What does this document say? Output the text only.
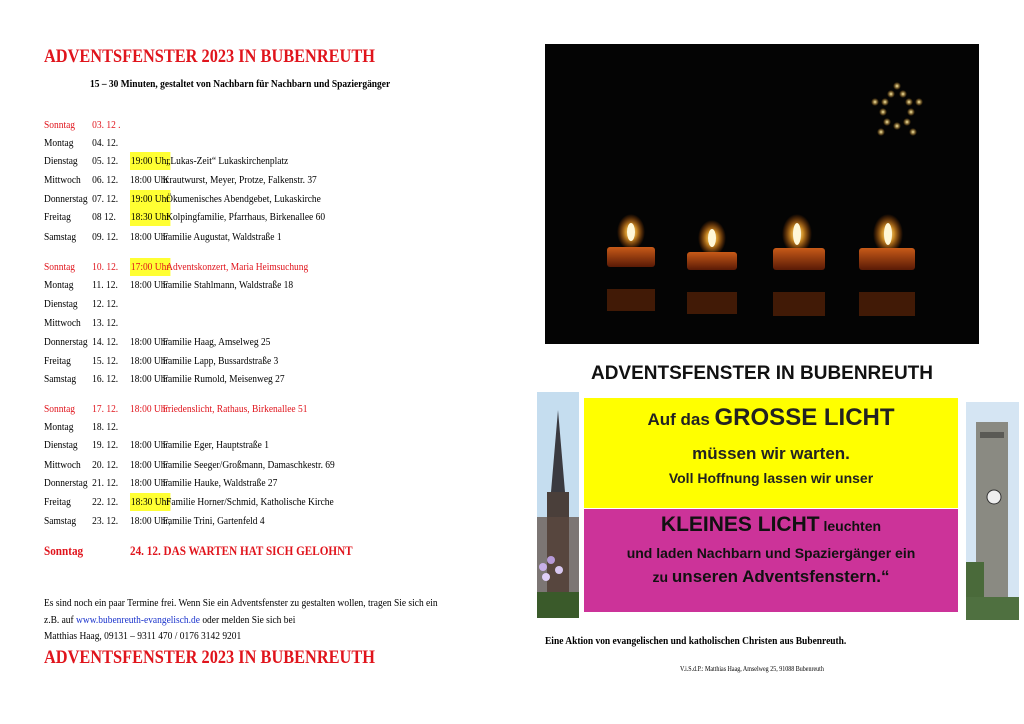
ADVENTSFENSTER 2023 IN BUBENREUTH
15 – 30 Minuten, gestaltet von Nachbarn für Nachbarn und Spaziergänger
Sonntag 03. 12 .
Montag 04. 12.
Dienstag 05. 12. 19:00 Uhr
„Lukas-Zeit“ Lukaskirchenplatz
Mittwoch 06. 12. 18:00 Uhr
Krautwurst, Meyer, Protze, Falkenstr. 37
Donnerstag 07. 12. 19:00 Uhr
Ökumenisches Abendgebet, Lukaskirche
Freitag 08 12. 18:30 Uhr
Kolpingfamilie, Pfarrhaus, Birkenallee 60
Samstag 09. 12. 18:00 Uhr
Familie Augustat, Waldstraße 1
Sonntag 10. 12. 17:00 Uhr
Adventskonzert, Maria Heimsuchung
Montag 11. 12. 18:00 Uhr
Familie Stahlmann, Waldstraße 18
Dienstag 12. 12.
Mittwoch 13. 12.
Donnerstag 14. 12. 18:00 Uhr
Familie Haag, Amselweg 25
Freitag 15. 12. 18:00 Uhr
Familie Lapp, Bussardstraße 3
Samstag 16. 12. 18:00 Uhr
Familie Rumold, Meisenweg 27
Sonntag 17. 12. 18:00 Uhr
Friedenslicht, Rathaus, Birkenallee 51
Montag 18. 12.
Dienstag 19. 12. 18:00 Uhr
Familie Eger, Hauptstraße 1
Mittwoch 20. 12. 18:00 Uhr
Familie Seeger/Großmann, Damaschkestr. 69
Donnerstag 21. 12. 18:00 Uhr
Familie Hauke, Waldstraße 27
Freitag 22. 12. 18:30 Uhr
Familie Horner/Schmid, Katholische Kirche
Samstag 23. 12. 18:00 Uhr,
Familie Trini, Gartenfeld 4
Sonntag	24. 12. DAS WARTEN HAT SICH GELOHNT
Es sind noch ein paar Termine frei. Wenn Sie ein Adventsfenster zu gestalten wollen, tragen Sie sich ein
z.B. auf www.bubenreuth-evangelisch.de oder melden Sie sich bei
Matthias Haag, 09131 – 9311 470 / 0176 3142 9201
ADVENTSFENSTER 2023 IN BUBENREUTH
ADVENTSFENSTER IN BUBENREUTH
Auf das GROSSE LICHT
müssen wir warten.
Voll Hoffnung lassen wir unser
KLEINES LICHT leuchten
und laden Nachbarn und Spaziergänger ein
zu unseren Adventsfenstern.“
Eine Aktion von evangelischen und katholischen Christen aus Bubenreuth.
V.i.S.d.P.: Matthias Haag, Amselweg 25, 91088 Bubenreuth
